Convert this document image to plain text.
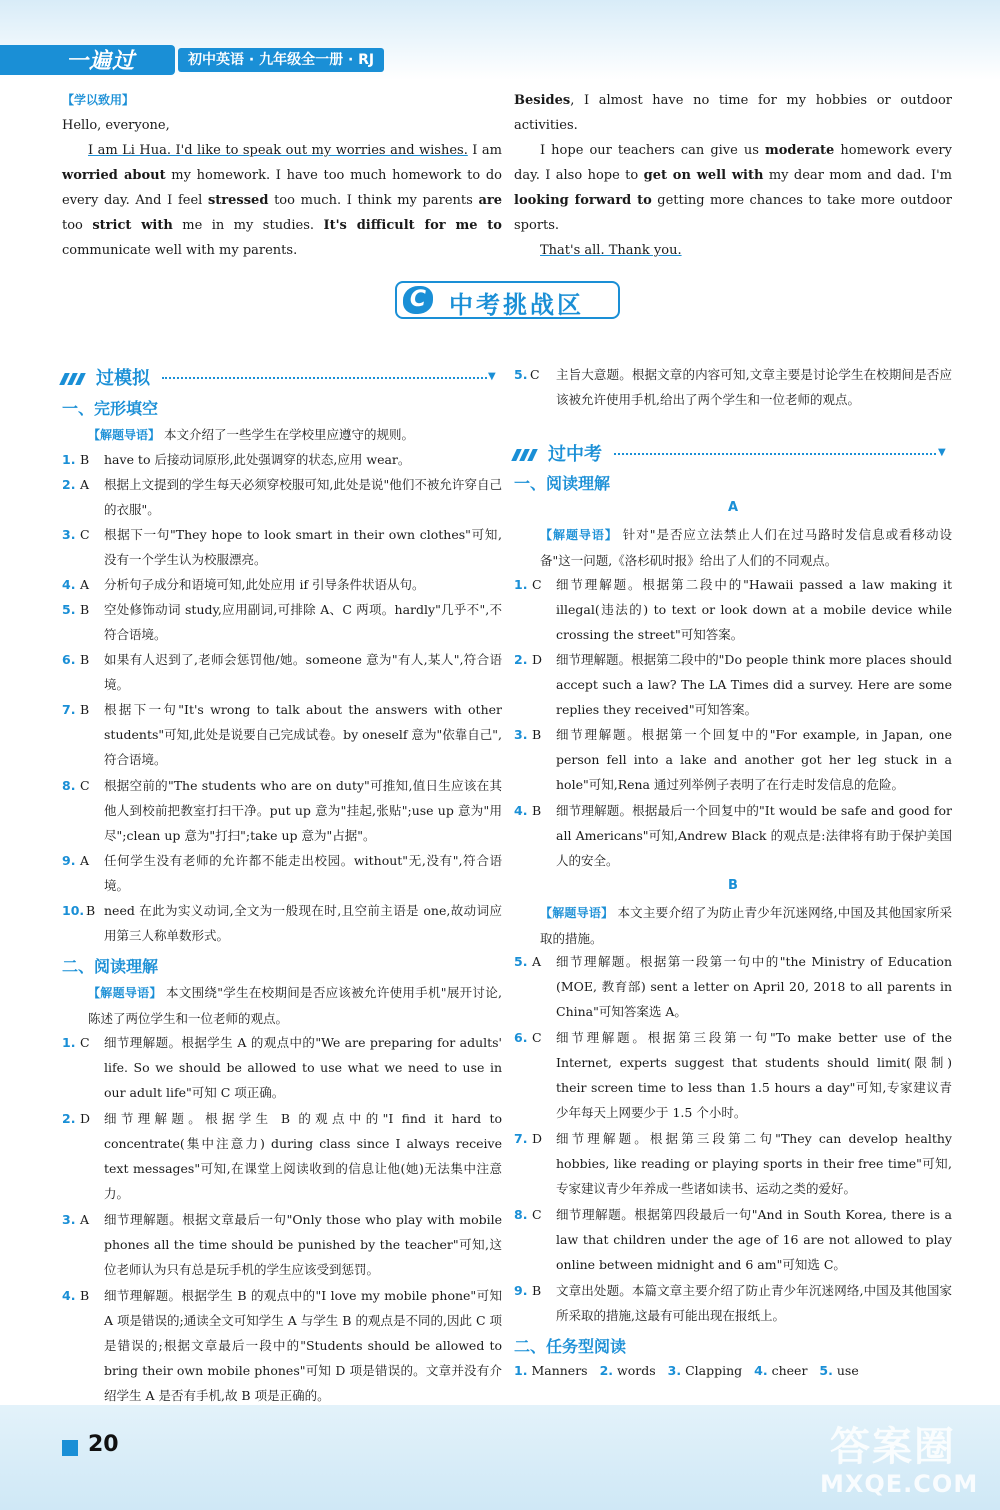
一遍过	初中英语 · 九年级全一册 · RJ
【学以致用】
Hello, everyone,
I am Li Hua. I'd like to speak out my worries and wishes. I am worried about my homework. I have too much homework to do every day. And I feel stressed too much. I think my parents are too strict with me in my studies. It's difficult for me to communicate well with my parents.
Besides, I almost have no time for my hobbies or outdoor activities.
I hope our teachers can give us moderate homework every day. I also hope to get on well with my dear mom and dad. I'm looking forward to getting more chances to take more outdoor sports.
That's all. Thank you.
C 中考挑战区
过模拟	▼
一、完形填空
【解题导语】 本文介绍了一些学生在学校里应遵守的规则。
1. B	have to 后接动词原形,此处强调穿的状态,应用 wear。
2. A	根据上文提到的学生每天必须穿校服可知,此处是说"他们不被允许穿自己的衣服"。
3. C	根据下一句"They hope to look smart in their own clothes"可知,没有一个学生认为校服漂亮。
4. A	分析句子成分和语境可知,此处应用 if 引导条件状语从句。
5. B	空处修饰动词 study,应用副词,可排除 A、C 两项。hardly"几乎不",不符合语境。
6. B	如果有人迟到了,老师会惩罚他/她。someone 意为"有人,某人",符合语境。
7. B	根据下一句"It's wrong to talk about the answers with other students"可知,此处是说要自己完成试卷。by oneself 意为"依靠自己",符合语境。
8. C	根据空前的"The students who are on duty"可推知,值日生应该在其他人到校前把教室打扫干净。put up 意为"挂起,张贴";use up 意为"用尽";clean up 意为"打扫";take up 意为"占据"。
9. A	任何学生没有老师的允许都不能走出校园。without"无,没有",符合语境。
10. B need 在此为实义动词,全文为一般现在时,且空前主语是 one,故动词应用第三人称单数形式。
二、阅读理解
【解题导语】 本文围绕"学生在校期间是否应该被允许使用手机"展开讨论,陈述了两位学生和一位老师的观点。
1. C	细节理解题。根据学生 A 的观点中的"We are preparing for adults' life. So we should be allowed to use what we need to use in our adult life"可知 C 项正确。
2. D	细节理解题。根据学生 B 的观点中的"I find it hard to concentrate(集中注意力) during class since I always receive text messages"可知,在课堂上阅读收到的信息让他(她)无法集中注意力。
3. A	细节理解题。根据文章最后一句"Only those who play with mobile phones all the time should be punished by the teacher"可知,这位老师认为只有总是玩手机的学生应该受到惩罚。
4. B	细节理解题。根据学生 B 的观点中的"I love my mobile phone"可知 A 项是错误的;通读全文可知学生 A 与学生 B 的观点是不同的,因此 C 项是错误的;根据文章最后一段中的"Students should be allowed to bring their own mobile phones"可知 D 项是错误的。文章并没有介绍学生 A 是否有手机,故 B 项是正确的。
5. C	主旨大意题。根据文章的内容可知,文章主要是讨论学生在校期间是否应该被允许使用手机,给出了两个学生和一位老师的观点。
过中考	▼
一、阅读理解
A
【解题导语】 针对"是否应立法禁止人们在过马路时发信息或看移动设备"这一问题,《洛杉矶时报》给出了人们的不同观点。
1. C	细节理解题。根据第二段中的"Hawaii passed a law making it illegal(违法的) to text or look down at a mobile device while crossing the street"可知答案。
2. D	细节理解题。根据第二段中的"Do people think more places should accept such a law? The LA Times did a survey. Here are some replies they received"可知答案。
3. B	细节理解题。根据第一个回复中的"For example, in Japan, one person fell into a lake and another got her leg stuck in a hole"可知,Rena 通过列举例子表明了在行走时发信息的危险。
4. B	细节理解题。根据最后一个回复中的"It would be safe and good for all Americans"可知,Andrew Black 的观点是:法律将有助于保护美国人的安全。
B
【解题导语】 本文主要介绍了为防止青少年沉迷网络,中国及其他国家所采取的措施。
5. A	细节理解题。根据第一段第一句中的"the Ministry of Education (MOE, 教育部) sent a letter on April 20, 2018 to all parents in China"可知答案选 A。
6. C	细节理解题。根据第三段第一句"To make better use of the Internet, experts suggest that students should limit(限制) their screen time to less than 1.5 hours a day"可知,专家建议青少年每天上网要少于 1.5 个小时。
7. D	细节理解题。根据第三段第二句"They can develop healthy hobbies, like reading or playing sports in their free time"可知,专家建议青少年养成一些诸如读书、运动之类的爱好。
8. C	细节理解题。根据第四段最后一句"And in South Korea, there is a law that children under the age of 16 are not allowed to play online between midnight and 6 am"可知选 C。
9. B	文章出处题。本篇文章主要介绍了防止青少年沉迷网络,中国及其他国家所采取的措施,这最有可能出现在报纸上。
二、任务型阅读
1. Manners 2. words 3. Clapping 4. cheer 5. use
20	答案圈
MXQE.COM
